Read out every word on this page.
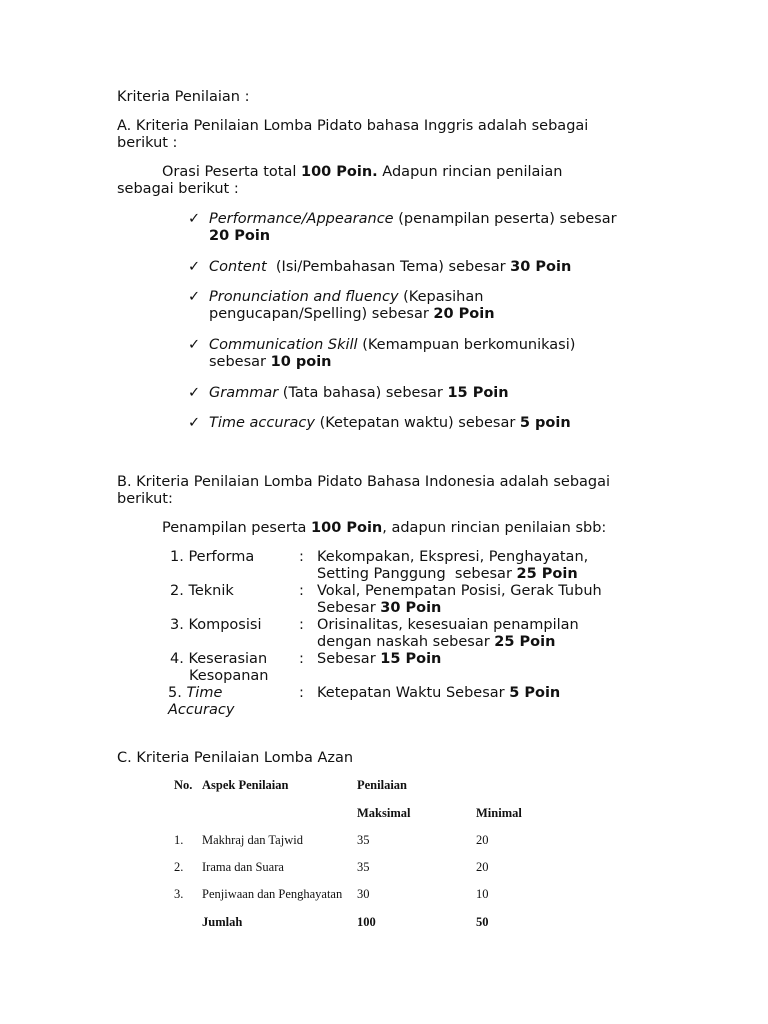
Kriteria Penilaian :
A. Kriteria Penilaian Lomba Pidato bahasa Inggris adalah sebagai
berikut :
Orasi Peserta total 100 Poin. Adapun rincian penilaian
sebagai berikut :
✓ Performance/Appearance (penampilan peserta) sebesar
20 Poin
✓ Content  (Isi/Pembahasan Tema) sebesar 30 Poin
✓ Pronunciation and fluency (Kepasihan
pengucapan/Spelling) sebesar 20 Poin
✓ Communication Skill (Kemampuan berkomunikasi)
sebesar 10 poin
✓ Grammar (Tata bahasa) sebesar 15 Poin
✓ Time accuracy (Ketepatan waktu) sebesar 5 poin
B. Kriteria Penilaian Lomba Pidato Bahasa Indonesia adalah sebagai
berikut:
Penampilan peserta 100 Poin, adapun rincian penilaian sbb:
1. Performa	: Kekompakan, Ekspresi, Penghayatan,
Setting Panggung  sebesar 25 Poin
2. Teknik	: Vokal, Penempatan Posisi, Gerak Tubuh
Sebesar 30 Poin
3. Komposisi	: Orisinalitas, kesesuaian penampilan
dengan naskah sebesar 25 Poin
4. Keserasian
Kesopanan
: Sebesar 15 Poin
5. Time
Accuracy
: Ketepatan Waktu Sebesar 5 Poin
C. Kriteria Penilaian Lomba Azan
No. Aspek Penilaian	Penilaian
Maksimal	Minimal
1. Makhraj dan Tajwid	35	20
2. Irama dan Suara	35	20
3. Penjiwaan dan Penghayatan 30	10
Jumlah	100	50
